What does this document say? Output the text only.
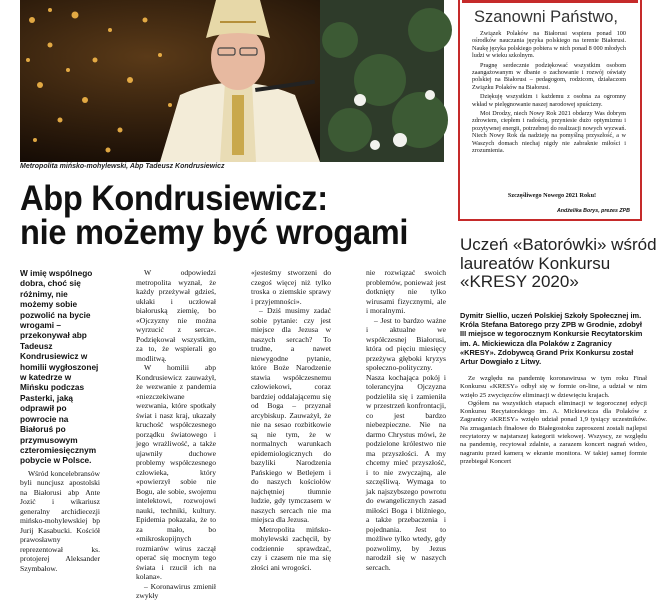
Metropolita mińsko-mohylewski, Abp Tadeusz Kondrusiewicz
Abp Kondrusiewicz:
nie możemy być wrogami

W imię wspólnego dobra, choć się różnimy, nie możemy sobie pozwolić na bycie wrogami – przekonywał abp Tadeusz Kondrusiewicz w homilii wygłoszonej w katedrze w Mińsku podczas Pasterki, jaką odprawił po powrocie na Białoruś po przymusowym czteromiesięcznym pobycie w Polsce.

Wśród koncelebransów byli nuncjusz apostolski na Białorusi abp Ante Jozić i wikariusz generalny archidiecezji mińsko-mohylewskiej bp Jurij Kasabucki. Kościół prawosławny reprezentował ks. protojerej Aleksander Szymbałow.

W odpowiedzi metropolita wyznał, że każdy przeżywał gdzieś, ukłaki i uczłował białoruską ziemię, bo «Ojczyzny nie można wyrzucić z serca». Podziękował wszystkim, za to, że wspierali go modlitwą.

W homilii abp Kondrusiewicz zauważył, że wezwanie z pandemia «niezczekiwane wezwania, które spotkały świat i nasz kraj, ukazały kruchość współczesnego porządku światowego i jego wrażliwość, a także ujawniły duchowe problemy współczesnego człowieka, który «powierzył sobie nie Bogu, ale sobie, swojemu intelektowi, rozwojowi nauki, techniki, kultury. Epidemia pokazała, że to za mało, bo «mikroskopijnych rozmiarów wirus zaczął operać się mocnym tego świata i rzucił ich na kolana».

– Koronawirus zmienił zwykły

«jesteśmy stworzeni do czegoś więcej niż tylko troska o ziemskie sprawy i przyjemności».

– Dziś musimy zadać sobie pytanie: czy jest miejsce dla Jezusa w naszych sercach? To trudne, a nawet niewygodne pytanie, które Boże Narodzenie stawia współczesnemu człowiekowi, coraz bardziej oddalającemu się od Boga – przyznał arcybiskup. Zauważył, że nie na sesao rozbitkowie są nie tym, że w normalnych warunkach epidemiologicznych do bazyliki Narodzenia Pańskiego w Betlejem i do naszych kościołów najchętniej tłumnie ludzie, gdy tymczasem w naszych sercach nie ma miejsca dla Jezusa.

Metropolita mińsko-mohylewski zachęcił, by codziennie sprawdzać, czy i czasem nie ma się złości ani wrogości.

nie rozwiązać swoich problemów, ponieważ jest dotknięty nie tylko wirusami fizycznymi, ale i moralnymi.

– Jest to bardzo ważne i aktualne we współczesnej Białorusi, która od pięciu miesięcy przeżywa głęboki kryzys społeczno-polityczny. Nasza kochająca pokój i tolerancyjna Ojczyzna podzieliła się i zamieniła w przestrzeń konfrontacji, co jest bardzo niebezpieczne. Nie na darmo Chrystus mówi, że podzielone królestwo nie ma przyszłości. A my chcemy mieć przyszłość, i to nie zwyczajną, ale szczęśliwą. Wymaga to jak najszybszego powrotu do ewangelicznych zasad miłości Boga i bliźniego, a także przebaczenia i pojednania. Jest to możliwe tylko wtedy, gdy pozwolimy, by Jezus narodził się w naszych sercach.

Szanowni Państwo,

Związek Polaków na Białorusi wspiera ponad 100 ośrodków nauczania języka polskiego na terenie Białorusi. Naukę języka polskiego pobiera w nich ponad 8 000 młodych ludzi w wieku szkolnym.

Pragnę serdecznie podziękować wszystkim osobom zaangażowanym w dbanie o zachowanie i rozwój oświaty polskiej na Białorusi – pedagogom, rodzicom, działaczom Związku Polaków na Białorusi.

Dziękuję wszystkim i każdemu z osobna za ogromny wkład w pielęgnowanie naszej narodowej spuścizny.

Moi Drodzy, niech Nowy Rok 2021 obdarzy Was dobrym zdrowiem, ciepłem i radością, przyniesie dużo optymizmu i pozytywnej energii, potrzebnej do realizacji nowych wyzwań. Niech Nowy Rok da nadzieję na pomyślną przyszłość, a w Waszych domach niechaj nigdy nie zabraknie miłości i zrozumienia.

Szczęśliwego Nowego 2021 Roku!
Andżelika Borys, prezes ZPB
Uczeń «Batorówki» wśród laureatów Konkursu «KRESY 2020»
Dymitr Siellio, uczeń Polskiej Szkoły Społecznej im. Króla Stefana Batorego przy ZPB w Grodnie, zdobył III miejsce w tegorocznym Konkursie Recytatorskim im. A. Mickiewicza dla Polaków z Zagranicy «KRESY». Zdobywcą Grand Prix Konkursu został Artur Dowgiało z Litwy.

Ze względu na pandemię koronawirusa w tym roku Finał Konkursu «KRESY» odbył się w formie on-line, a udział w nim wzięło 25 zwycięzców eliminacji w dziewięciu krajach.

Ogółem na wszystkich etapach eliminacji w tegorocznej edycji Konkursu Recytatorskiego im. A. Mickiewicza dla Polaków z Zagranicy «KRESY» wzięło udział ponad 1,9 tysiący uczestników. Na zmaganiach finałowe do Białegostoku zaproszeni zostali najlepsi recytatorzy w najstarszej kategorii wiekowej. Wszyscy, ze względu na pandemię, recytował zdalnie, a zarazem koncert nagrań wideo, nagraniu przed kamerą w ekranie monitora. W takiej samej formie przebiegał Koncert
